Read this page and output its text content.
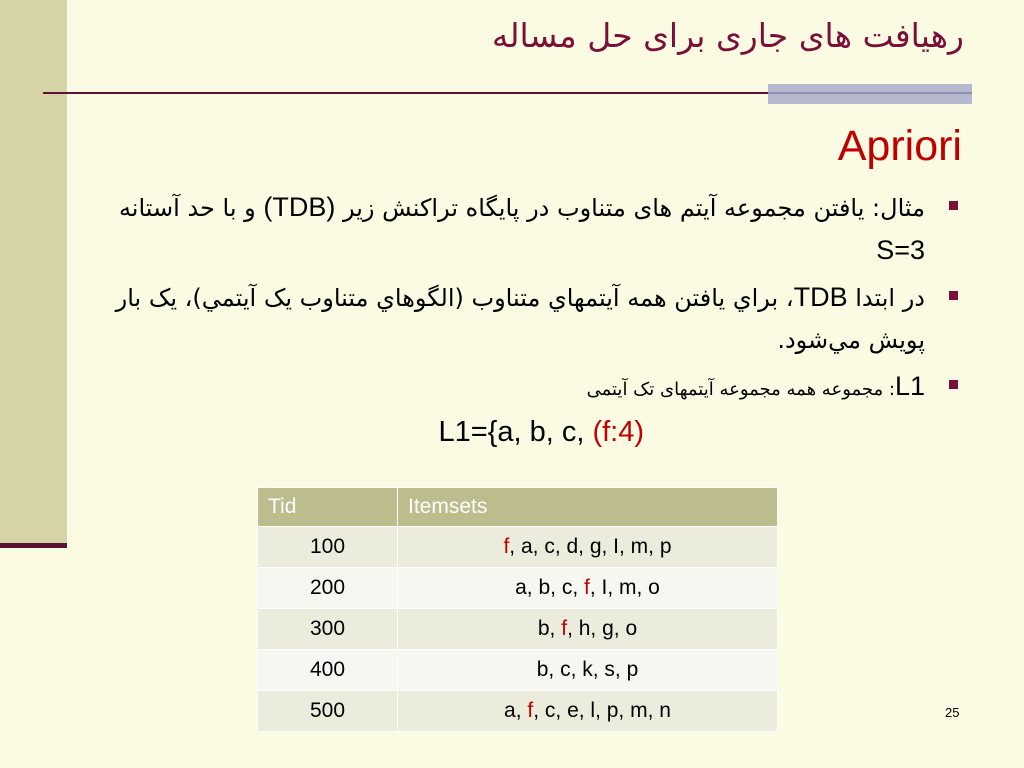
رهیافت های جاری برای حل مساله
Apriori
مثال: یافتن مجموعه آیتم های متناوب در پایگاه تراکنش زیر (TDB) و با حد آستانه S=3
در ابتدا TDB، براي يافتن همه آيتمهاي متناوب (الگوهاي متناوب يک آيتمي)، يک بار پويش مي‌شود.
L1: مجموعه همه مجموعه آیتمهای تک آیتمی

L1={a, b, c, (f:4)

Tid	Itemsets
100	f, a, c, d, g, I, m, p
200	a, b, c, f, I, m, o
300	b, f, h, g, o
400	b, c, k, s, p
500	a, f, c, e, l, p, m, n	25
